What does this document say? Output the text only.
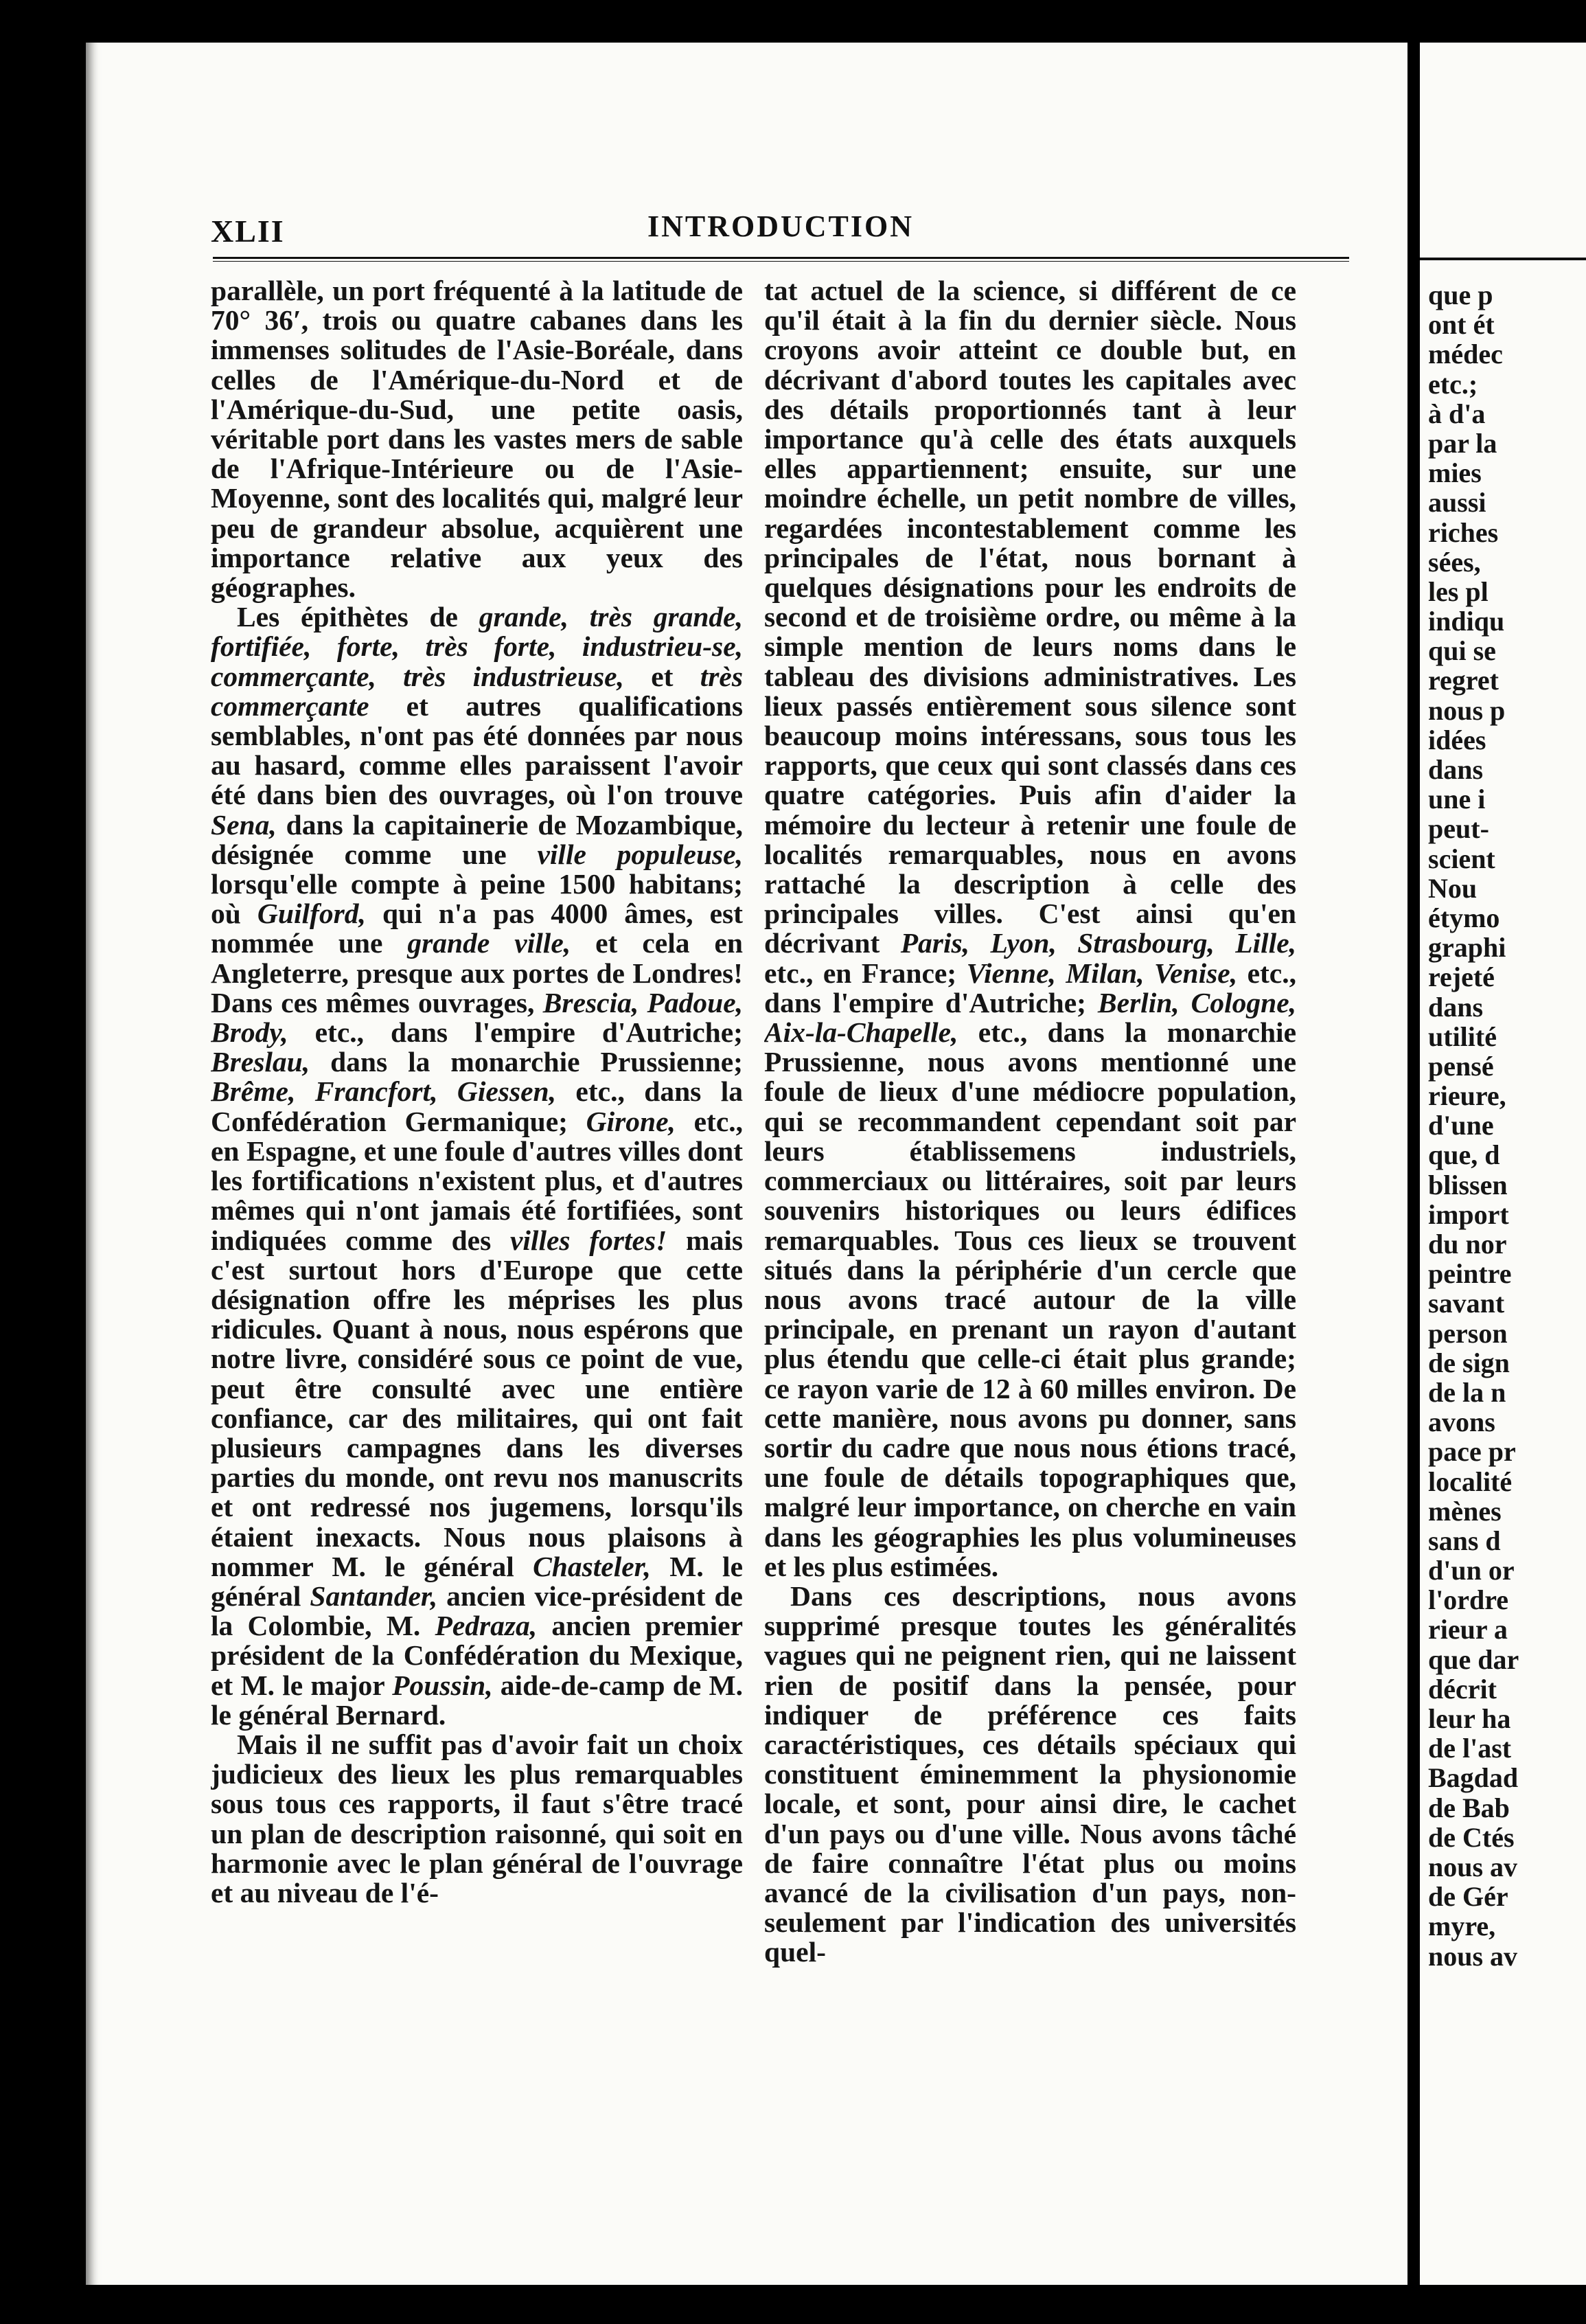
XLII	INTRODUCTION

parallèle, un port fréquenté à la latitude de 70° 36′, trois ou quatre cabanes dans les immenses solitudes de l'Asie-Boréale, dans celles de l'Amérique-du-Nord et de l'Amérique-du-Sud, une petite oasis, véritable port dans les vastes mers de sable de l'Afrique-Intérieure ou de l'Asie-Moyenne, sont des localités qui, malgré leur peu de grandeur absolue, acquièrent une importance relative aux yeux des géographes.

Les épithètes de grande, très grande, fortifiée, forte, très forte, industrieu-se, commerçante, très industrieuse, et très commerçante et autres qualifications semblables, n'ont pas été données par nous au hasard, comme elles paraissent l'avoir été dans bien des ouvrages, où l'on trouve Sena, dans la capitainerie de Mozambique, désignée comme une ville populeuse, lorsqu'elle compte à peine 1500 habitans; où Guilford, qui n'a pas 4000 âmes, est nommée une grande ville, et cela en Angleterre, presque aux portes de Londres! Dans ces mêmes ouvrages, Brescia, Padoue, Brody, etc., dans l'empire d'Autriche; Breslau, dans la monarchie Prussienne; Brême, Francfort, Giessen, etc., dans la Confédération Germanique; Girone, etc., en Espagne, et une foule d'autres villes dont les fortifications n'existent plus, et d'autres mêmes qui n'ont jamais été fortifiées, sont indiquées comme des villes fortes! mais c'est surtout hors d'Europe que cette désignation offre les méprises les plus ridicules. Quant à nous, nous espérons que notre livre, considéré sous ce point de vue, peut être consulté avec une entière confiance, car des militaires, qui ont fait plusieurs campagnes dans les diverses parties du monde, ont revu nos manuscrits et ont redressé nos jugemens, lorsqu'ils étaient inexacts. Nous nous plaisons à nommer M. le général Chasteler, M. le général Santander, ancien vice-président de la Colombie, M. Pedraza, ancien premier président de la Confédération du Mexique, et M. le major Poussin, aide-de-camp de M. le général Bernard.

Mais il ne suffit pas d'avoir fait un choix judicieux des lieux les plus remarquables sous tous ces rapports, il faut s'être tracé un plan de description raisonné, qui soit en harmonie avec le plan général de l'ouvrage et au niveau de l'é-

tat actuel de la science, si différent de ce qu'il était à la fin du dernier siècle. Nous croyons avoir atteint ce double but, en décrivant d'abord toutes les capitales avec des détails proportionnés tant à leur importance qu'à celle des états auxquels elles appartiennent; ensuite, sur une moindre échelle, un petit nombre de villes, regardées incontestablement comme les principales de l'état, nous bornant à quelques désignations pour les endroits de second et de troisième ordre, ou même à la simple mention de leurs noms dans le tableau des divisions administratives. Les lieux passés entièrement sous silence sont beaucoup moins intéressans, sous tous les rapports, que ceux qui sont classés dans ces quatre catégories. Puis afin d'aider la mémoire du lecteur à retenir une foule de localités remarquables, nous en avons rattaché la description à celle des principales villes. C'est ainsi qu'en décrivant Paris, Lyon, Strasbourg, Lille, etc., en France; Vienne, Milan, Venise, etc., dans l'empire d'Autriche; Berlin, Cologne, Aix-la-Chapelle, etc., dans la monarchie Prussienne, nous avons mentionné une foule de lieux d'une médiocre population, qui se recommandent cependant soit par leurs établissemens industriels, commerciaux ou littéraires, soit par leurs souvenirs historiques ou leurs édifices remarquables. Tous ces lieux se trouvent situés dans la périphérie d'un cercle que nous avons tracé autour de la ville principale, en prenant un rayon d'autant plus étendu que celle-ci était plus grande; ce rayon varie de 12 à 60 milles environ. De cette manière, nous avons pu donner, sans sortir du cadre que nous nous étions tracé, une foule de détails topographiques que, malgré leur importance, on cherche en vain dans les géographies les plus volumineuses et les plus estimées.

Dans ces descriptions, nous avons supprimé presque toutes les généralités vagues qui ne peignent rien, qui ne laissent rien de positif dans la pensée, pour indiquer de préférence ces faits caractéristiques, ces détails spéciaux qui constituent éminemment la physionomie locale, et sont, pour ainsi dire, le cachet d'un pays ou d'une ville. Nous avons tâché de faire connaître l'état plus ou moins avancé de la civilisation d'un pays, non-seulement par l'indication des universités quel-

que p
ont ét
médec
etc.;
à d'a
par la
mies
aussi
riches
sées,
les pl
indiqu
qui se
regret
nous p
idées
dans
une i
peut-
scient
Nou
étymo
graphi
rejeté
dans
utilité
pensé
rieure,
d'une
que, d
blissen
import
du nor
peintre
savant
person
de sign
de la n
avons
pace pr
localité
mènes
sans d
d'un or
l'ordre
rieur a
que dar
décrit
leur ha
de l'ast
Bagdad
de Bab
de Ctés
nous av
de Gér
myre,
nous av
